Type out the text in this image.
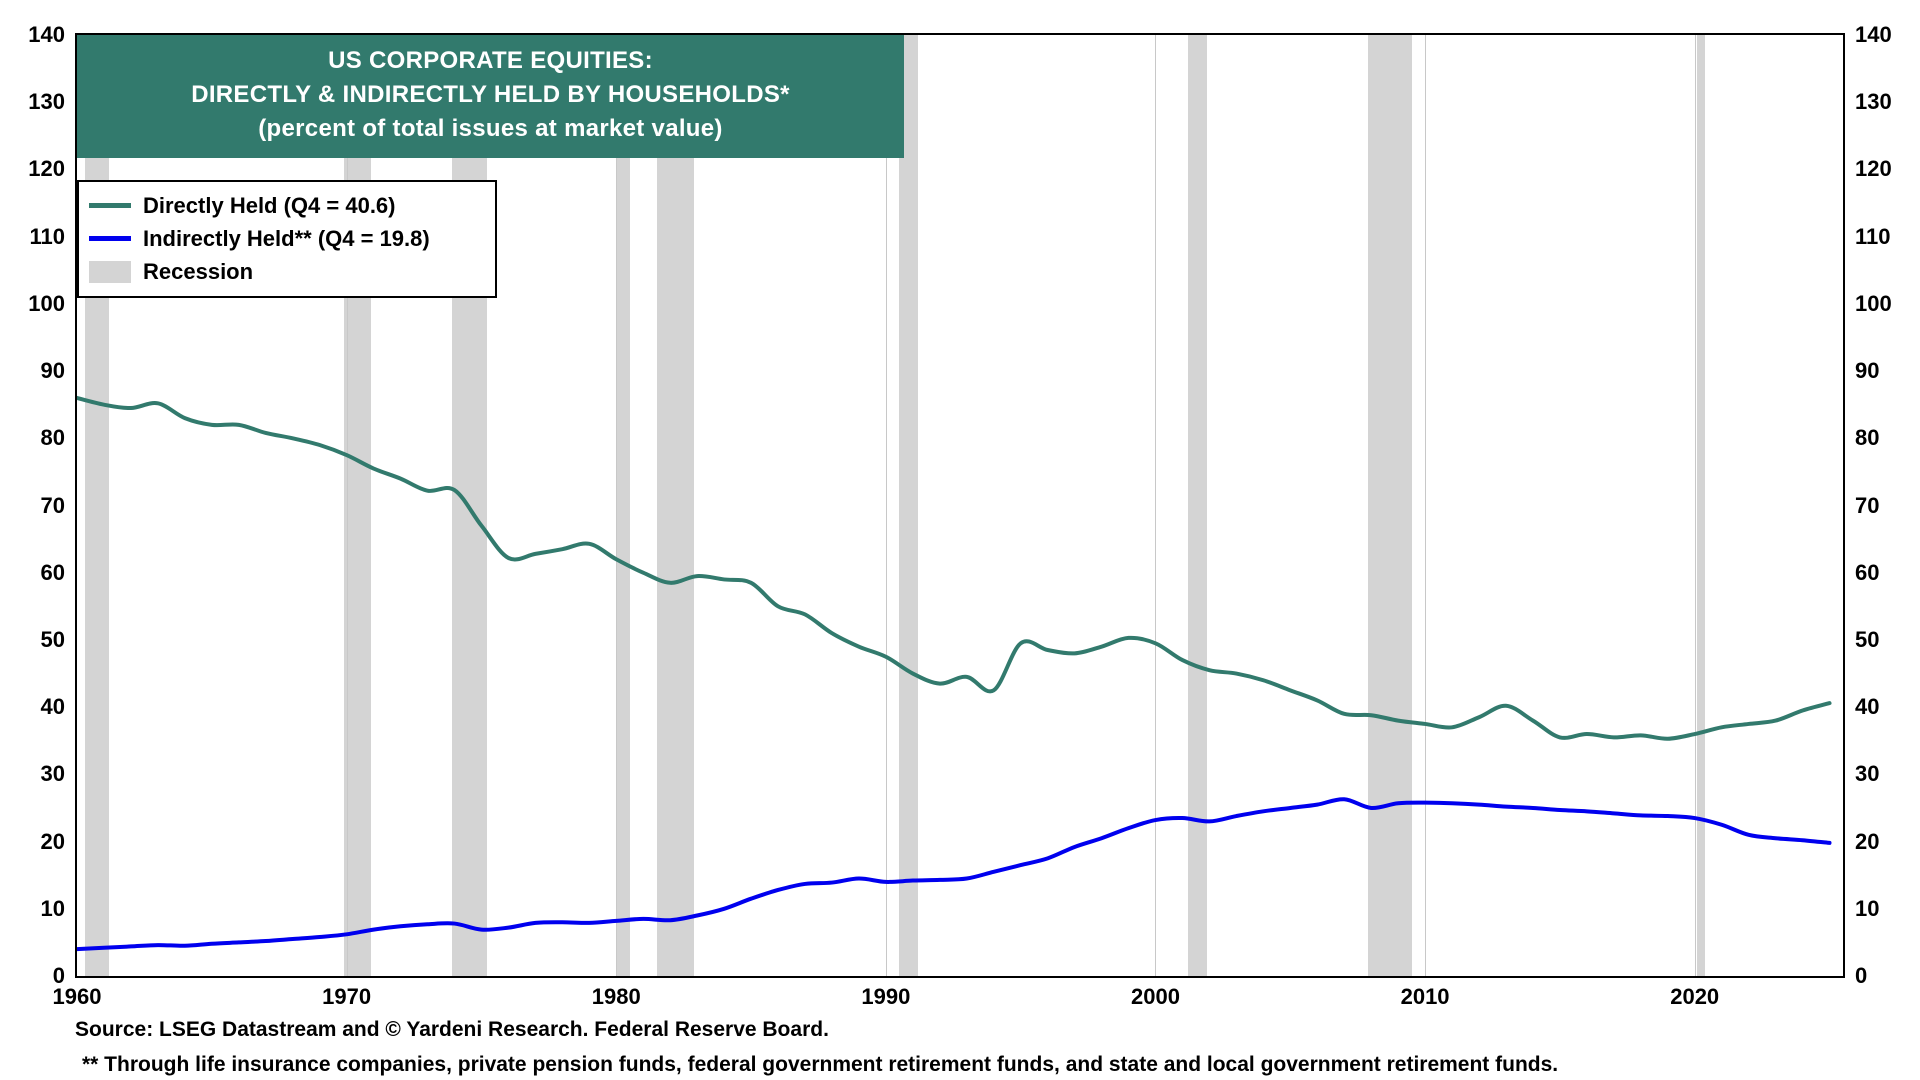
0
10
20
30
40
50
60
70
80
90
100
110
120
130
140
0
10
20
30
40
50
60
70
80
90
100
110
120
130
140
1960	1970	1980	1990	2000	2010	2020
US CORPORATE EQUITIES:
DIRECTLY & INDIRECTLY HELD BY HOUSEHOLDS*
(percent of total issues at market value)
Directly Held (Q4 = 40.6)
Indirectly Held** (Q4 = 19.8)
Recession
Source: LSEG Datastream and © Yardeni Research. Federal Reserve Board.
** Through life insurance companies, private pension funds, federal government retirement funds, and state and local government retirement funds.
